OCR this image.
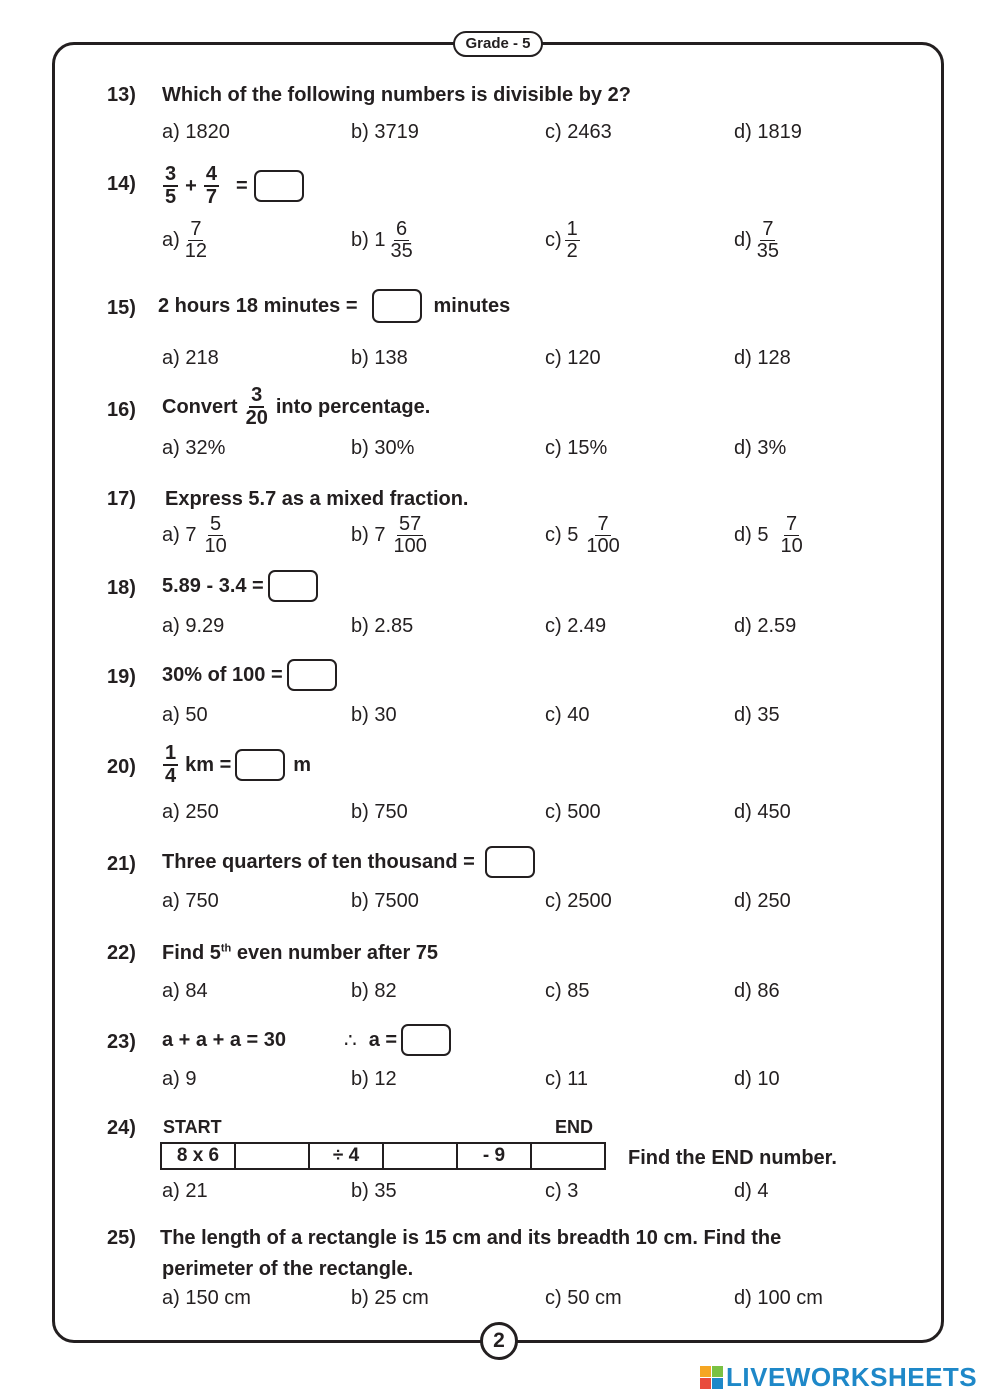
Grade - 5
13) Which of the following numbers is divisible by 2?
a) 1820	b) 3719	c) 2463	d) 1819
$14) \frac{3}{5} + \frac{4}{7}$ =
$a) \frac{7}{12}$	b) $1 \frac{6}{35}$	$c) \frac{1}{2}$	$d) \frac{7}{35}$
15) 2 hours 18 minutes =	minutes
a) 218	b) 138	c) 120	d) 128
16) Convert $\frac{3}{20}$ into percentage.
a) 32%	b) 30%	c) 15%	d) 3%
17) Express 5.7 as a mixed fraction.
a) $7 \frac{5}{10}$	b) $7 \frac{57}{100}$	c) $5 \frac{7}{100}$	d) $5 \frac{7}{10}$
18) 5.89 - 3.4 =
a) 9.29	b) 2.85	c) 2.49	d) 2.59
19) 30% of 100 =
a) 50	b) 30	c) 40	d) 35
$20) \frac{1}{4}$ km =	m
a) 250	b) 750	c) 500	d) 450
21) Three quarters of ten thousand =
a) 750	b) 7500	c) 2500	d) 250
22) Find 5th even number after 75
a) 84	b) 82	c) 85	d) 86
23) a + a + a = 30	∴ a =
a) 9	b) 12	c) 11	d) 10
24) START	END
8 x 6		÷ 4		- 9		Find the END number.
a) 21	b) 35	c) 3	d) 4
25) The length of a rectangle is 15 cm and its breadth 10 cm. Find the
perimeter of the rectangle.
a) 150 cm	b) 25 cm	c) 50 cm	d) 100 cm
2
LIVEWORKSHEETS
